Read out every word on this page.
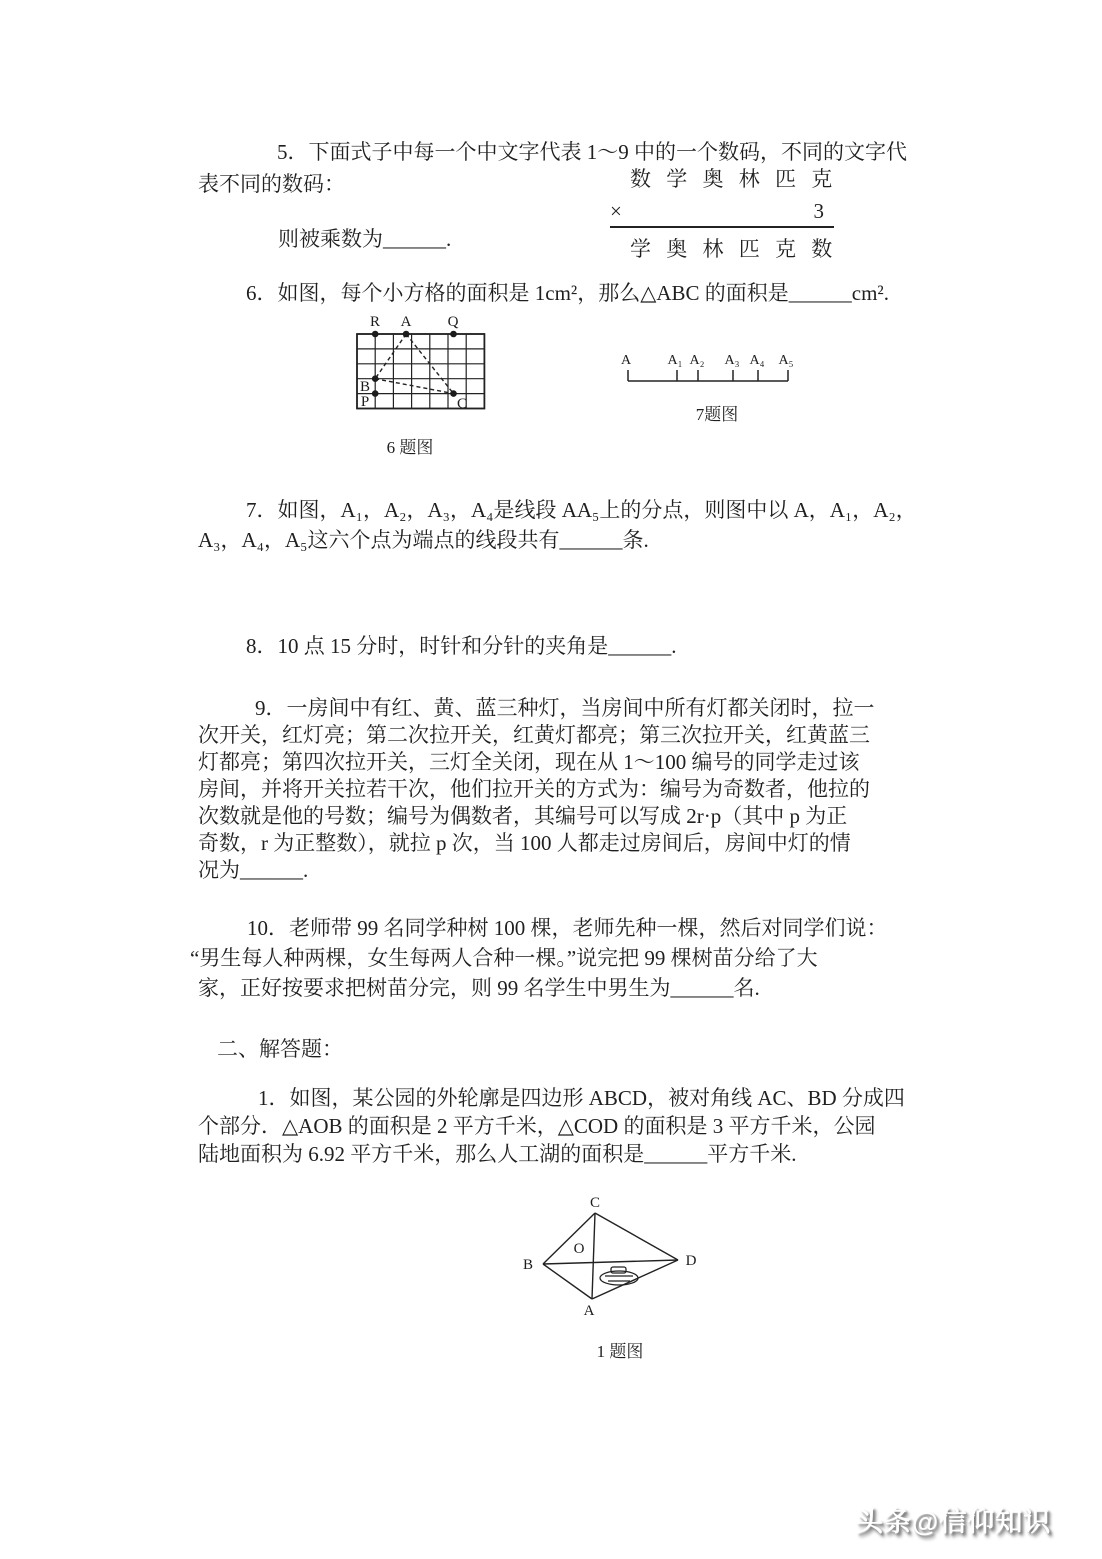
5．下面式子中每一个中文字代表 1～9 中的一个数码，不同的文字代
表不同的数码：
则被乘数为______.
数 学 奥 林 匹 克
×	3
学 奥 林 匹 克 数
6．如图，每个小方格的面积是 1cm²，那么△ABC 的面积是______cm².
R A Q
B
P	C
6 题图
A	A₁ A₂ A₃ A₄ A₅
7题图
7．如图，A₁，A₂，A₃，A₄是线段 AA₅上的分点，则图中以 A，A₁，A₂，
A₃，A₄，A₅这六个点为端点的线段共有______条.
8．10 点 15 分时，时针和分针的夹角是______.
9．一房间中有红、黄、蓝三种灯，当房间中所有灯都关闭时，拉一
次开关，红灯亮；第二次拉开关，红黄灯都亮；第三次拉开关，红黄蓝三
灯都亮；第四次拉开关，三灯全关闭，现在从 1～100 编号的同学走过该
房间，并将开关拉若干次，他们拉开关的方式为：编号为奇数者，他拉的
次数就是他的号数；编号为偶数者，其编号可以写成 2r·p（其中 p 为正
奇数，r 为正整数），就拉 p 次，当 100 人都走过房间后，房间中灯的情
况为______.
10．老师带 99 名同学种树 100 棵，老师先种一棵，然后对同学们说：
“男生每人种两棵，女生每两人合种一棵。”说完把 99 棵树苗分给了大
家，正好按要求把树苗分完，则 99 名学生中男生为______名.
二、解答题：
1．如图，某公园的外轮廓是四边形 ABCD，被对角线 AC、BD 分成四
个部分．△AOB 的面积是 2 平方千米，△COD 的面积是 3 平方千米，公园
陆地面积为 6.92 平方千米，那么人工湖的面积是______平方千米.
C
B	D
A
O
1 题图
头条@信仰知识
